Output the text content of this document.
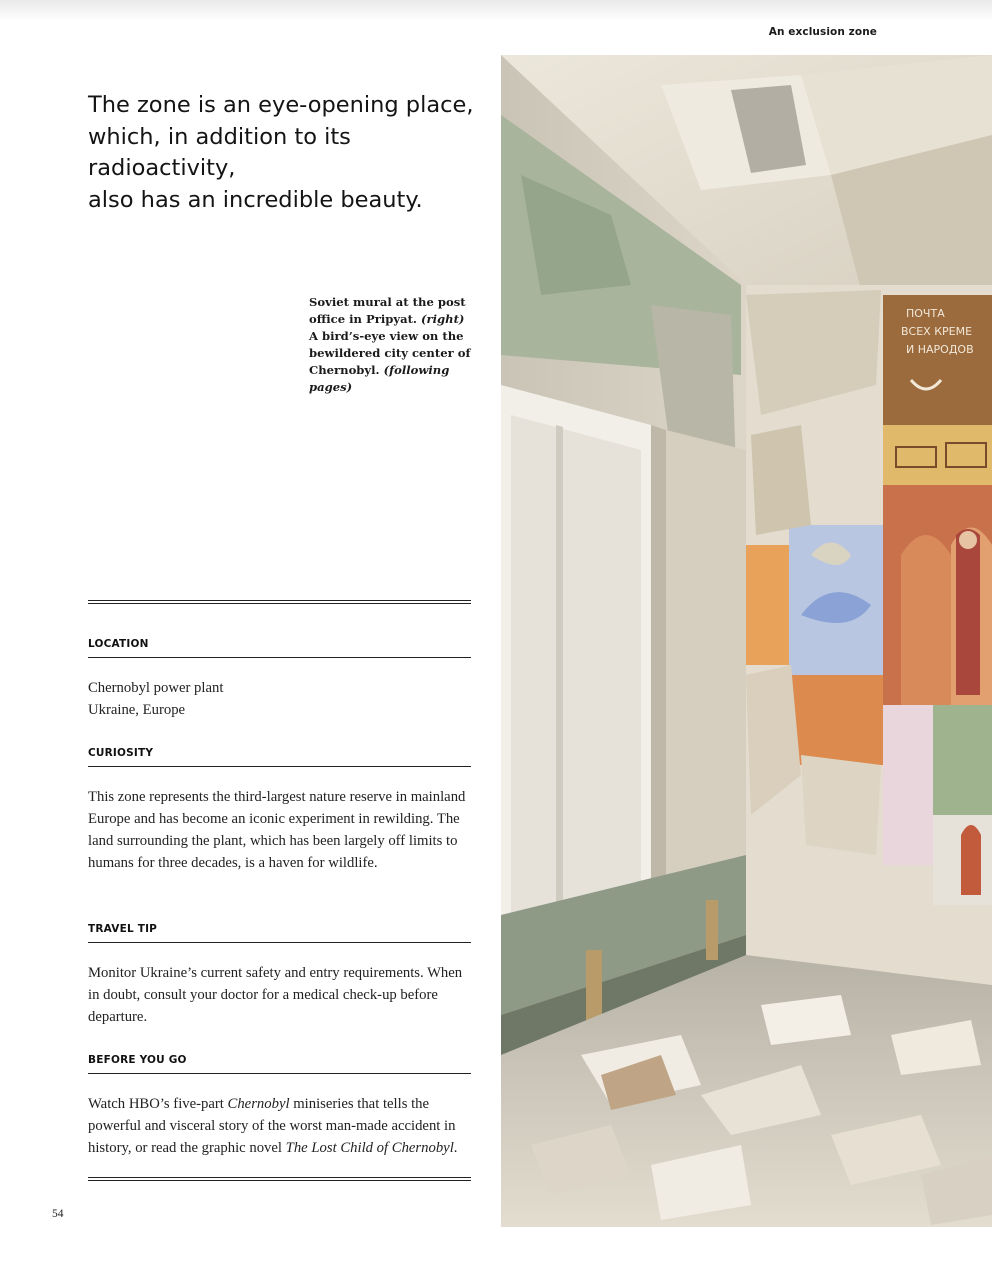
An exclusion zone
The zone is an eye-opening place,
which, in addition to its radioactivity,
also has an incredible beauty.

Soviet mural at the post office in Pripyat. (right)
A bird’s-eye view on the bewildered city center of Chernobyl. (following pages)

LOCATION

Chernobyl power plant
Ukraine, Europe

CURIOSITY

This zone represents the third-largest nature reserve in mainland Europe and has become an iconic experiment in rewilding. The land surrounding the plant, which has been largely off limits to humans for three decades, is a haven for wildlife.

TRAVEL TIP

Monitor Ukraine’s current safety and entry requirements. When in doubt, consult your doctor for a medical check-up before departure.

BEFORE YOU GO

Watch HBO’s five-part Chernobyl miniseries that tells the powerful and visceral story of the worst man-made accident in history, or read the graphic novel The Lost Child of Chernobyl.

54
ПОЧТА
ВСЕХ КРЕМЕ
И НАРОДОВ
